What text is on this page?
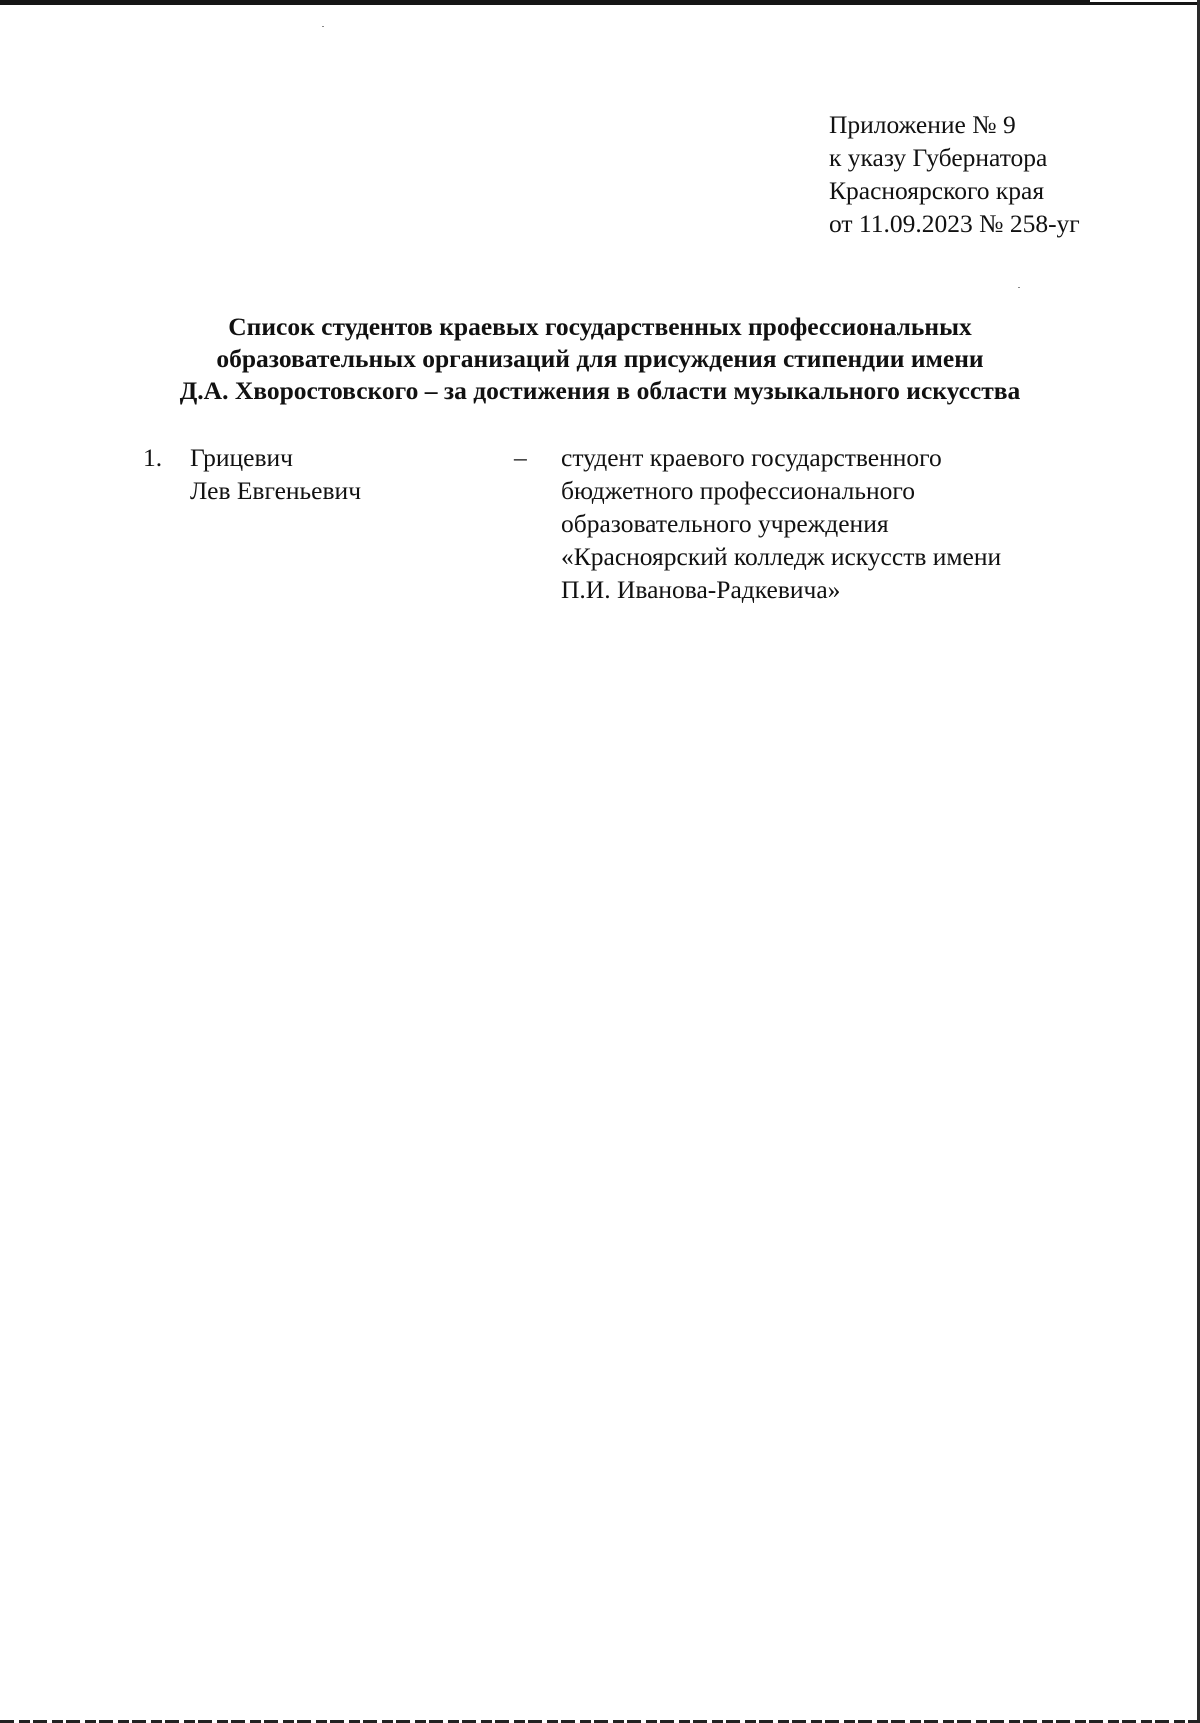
Приложение № 9
к указу Губернатора
Красноярского края
от 11.09.2023 № 258-уг
Список студентов краевых государственных профессиональных
образовательных организаций для присуждения стипендии имени
Д.А. Хворостовского – за достижения в области музыкального искусства
1. Грицевич
Лев Евгеньевич
– студент краевого государственного
бюджетного профессионального
образовательного учреждения
«Красноярский колледж искусств имени
П.И. Иванова-Радкевича»
